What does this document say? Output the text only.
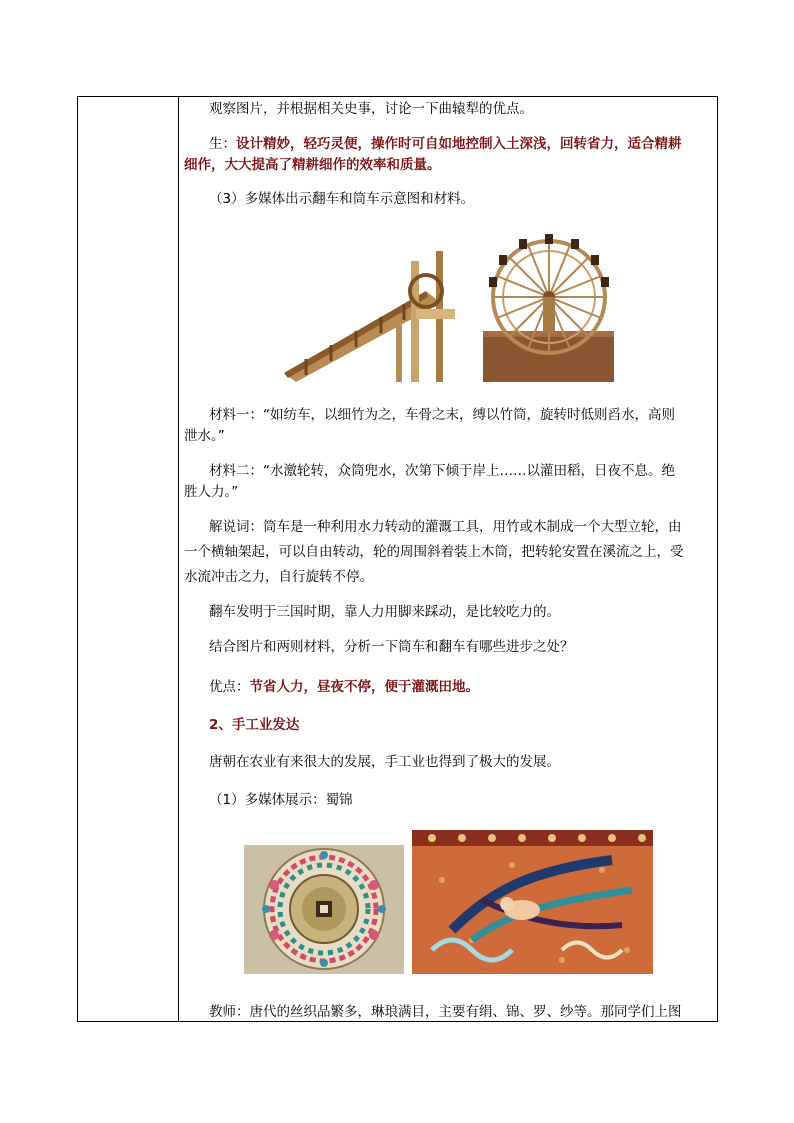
观察图片，并根据相关史事，讨论一下曲辕犁的优点。
生：设计精妙，轻巧灵便，操作时可自如地控制入土深浅，回转省力，适合精耕
细作，大大提高了精耕细作的效率和质量。
（3）多媒体出示翻车和筒车示意图和材料。
材料一：“如纺车，以细竹为之，车骨之末，缚以竹筒，旋转时低则舀水，高则
泄水。”
材料二：“水激轮转，众筒兜水，次第下倾于岸上……以灌田稻，日夜不息。绝
胜人力。”
解说词：筒车是一种利用水力转动的灌溉工具，用竹或木制成一个大型立轮，由
一个横轴架起，可以自由转动，轮的周围斜着装上木筒，把转轮安置在溪流之上，受
水流冲击之力，自行旋转不停。
翻车发明于三国时期，靠人力用脚来踩动，是比较吃力的。
结合图片和两则材料，分析一下筒车和翻车有哪些进步之处？
优点：节省人力，昼夜不停，便于灌溉田地。
2、手工业发达
唐朝在农业有来很大的发展，手工业也得到了极大的发展。
（1）多媒体展示：蜀锦
教师：唐代的丝织品繁多，琳琅满目，主要有绢、锦、罗、纱等。那同学们上图
